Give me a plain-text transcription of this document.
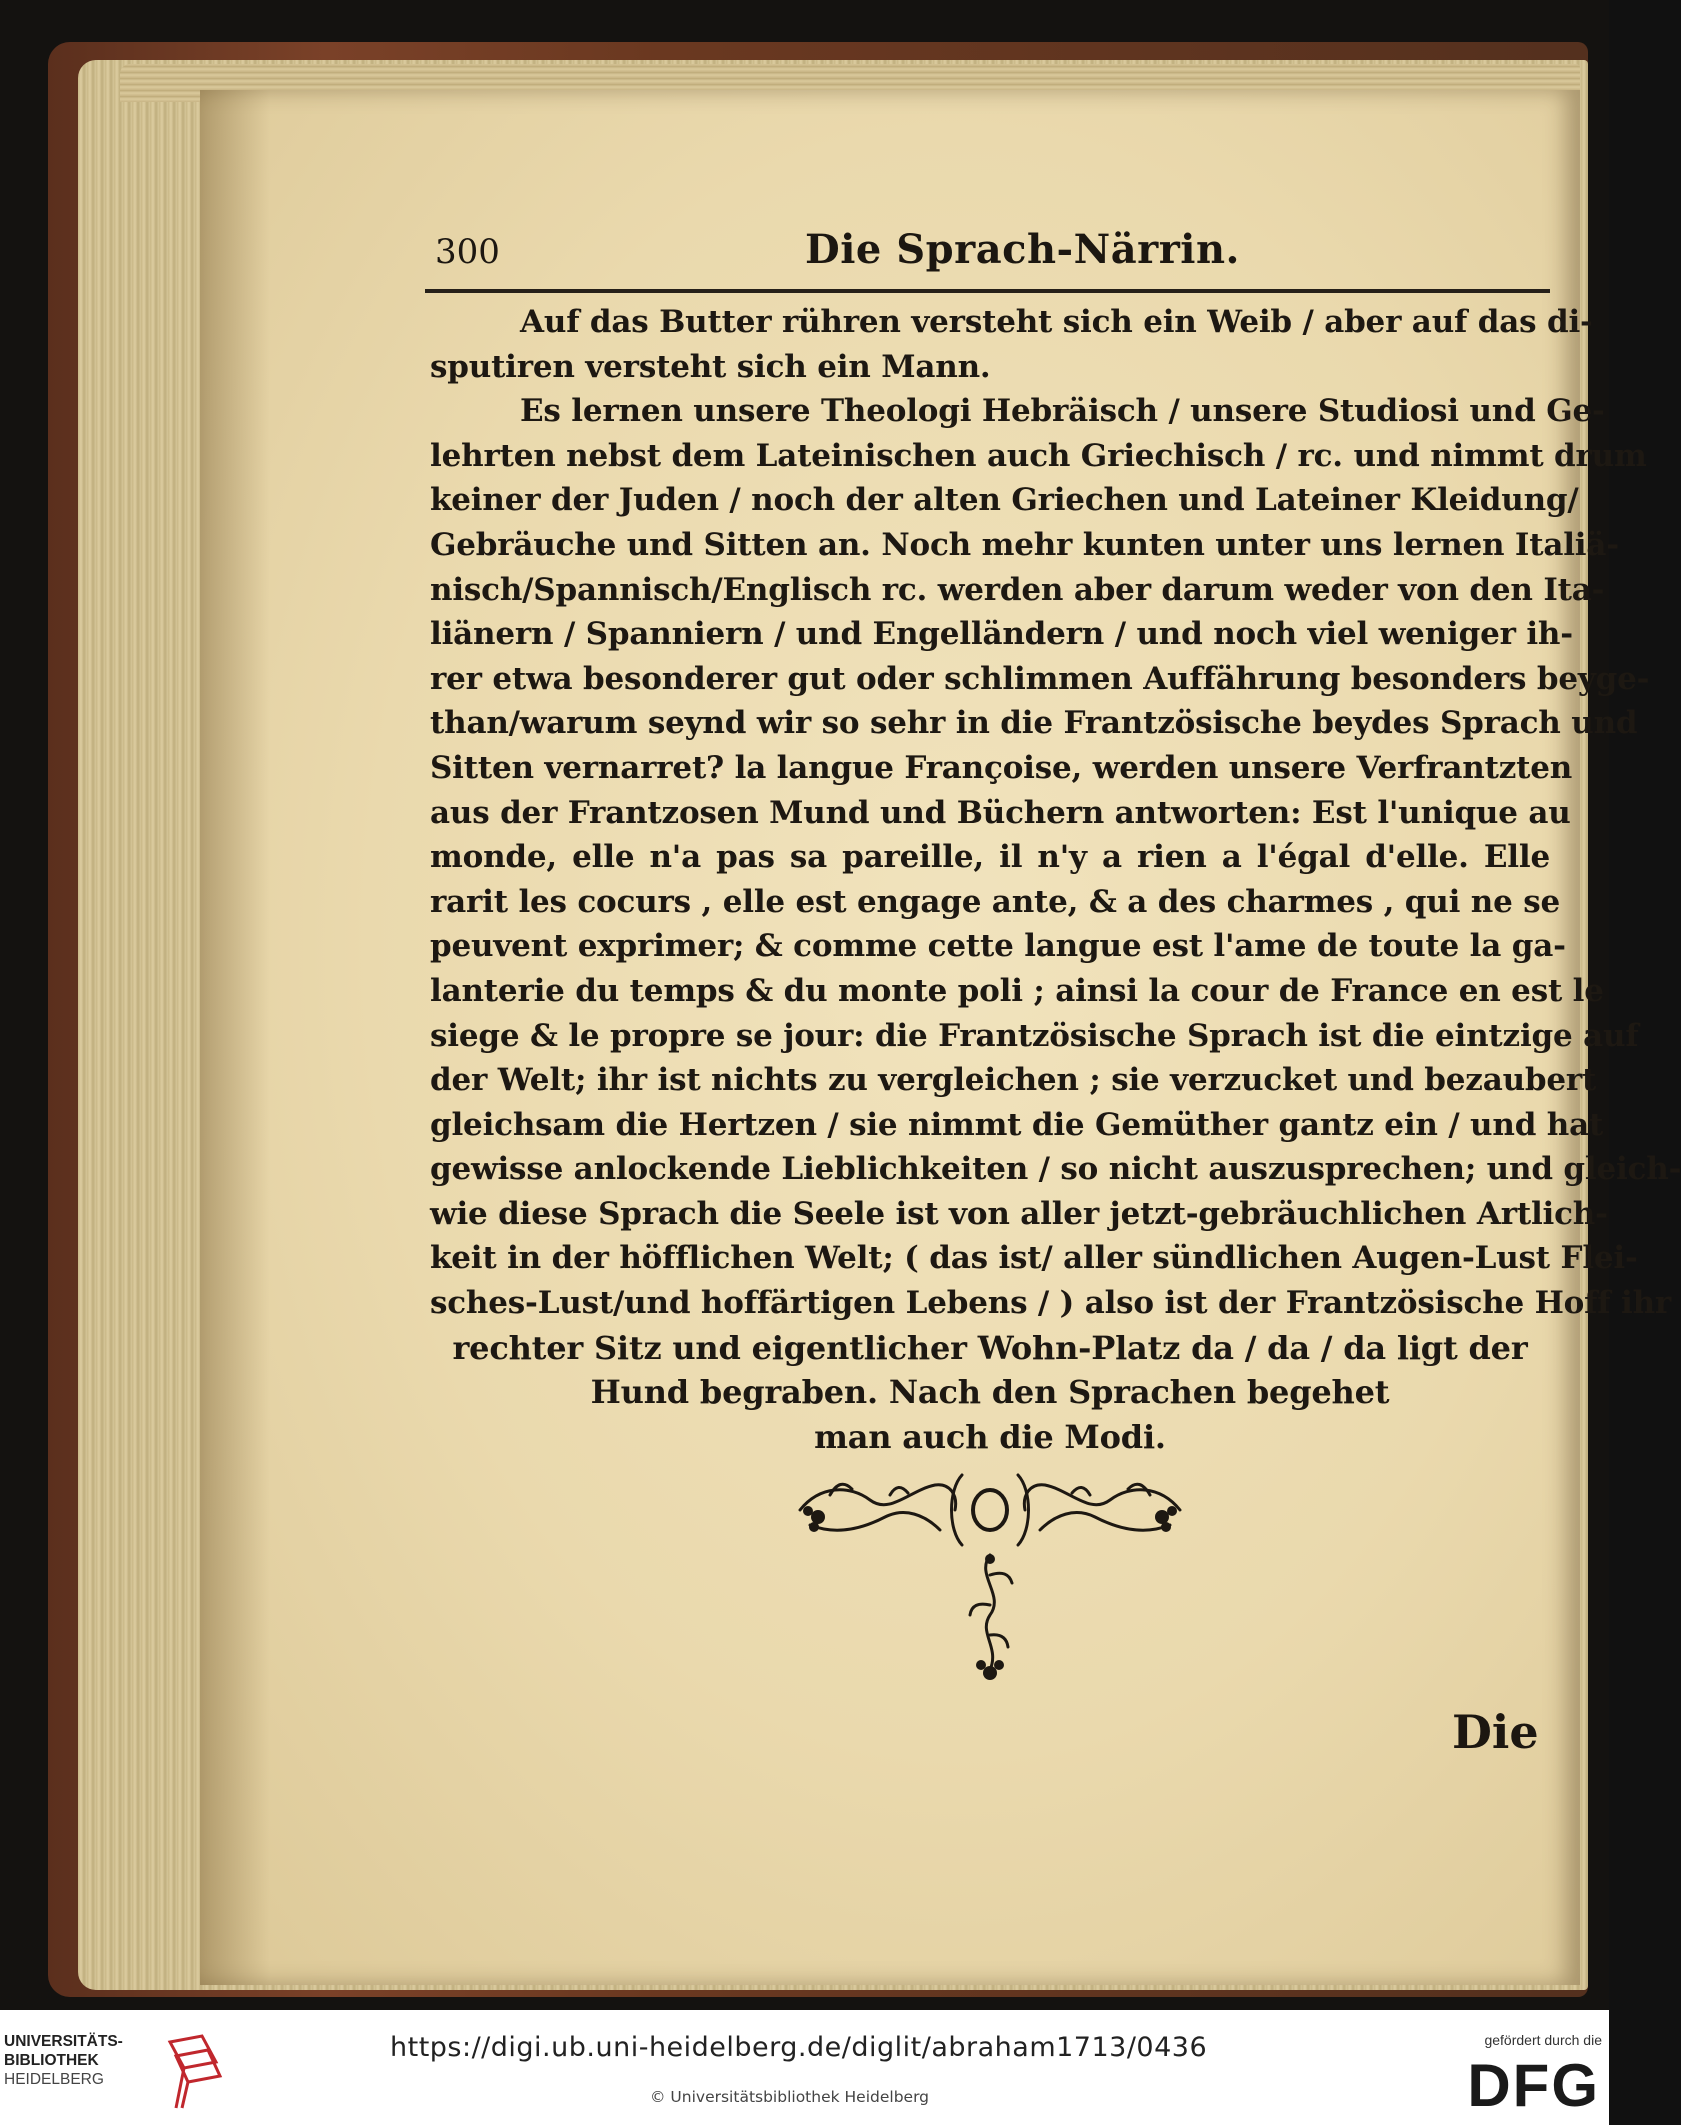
300	Die Sprach-Närrin.
Auf das Butter rühren versteht sich ein Weib / aber auf das di-
sputiren versteht sich ein Mann.
Es lernen unsere Theologi Hebräisch / unsere Studiosi und Ge-
lehrten nebst dem Lateinischen auch Griechisch / rc. und nimmt drum
keiner der Juden / noch der alten Griechen und Lateiner Kleidung/
Gebräuche und Sitten an. Noch mehr kunten unter uns lernen Italiä-
nisch/Spannisch/Englisch rc. werden aber darum weder von den Ita-
liänern / Spanniern / und Engelländern / und noch viel weniger ih-
rer etwa besonderer gut oder schlimmen Auffährung besonders beyge-
than/warum seynd wir so sehr in die Frantzösische beydes Sprach und
Sitten vernarret? la langue Françoise, werden unsere Verfrantzten
aus der Frantzosen Mund und Büchern antworten: Est l'unique au
monde, elle n'a pas sa pareille, il n'y a rien a l'égal d'elle. Elle
rarit les cocurs , elle est engage ante, & a des charmes , qui ne se
peuvent exprimer; & comme cette langue est l'ame de toute la ga-
lanterie du temps & du monte poli ; ainsi la cour de France en est le
siege & le propre se jour: die Frantzösische Sprach ist die eintzige auf
der Welt; ihr ist nichts zu vergleichen ; sie verzucket und bezaubert
gleichsam die Hertzen / sie nimmt die Gemüther gantz ein / und hat
gewisse anlockende Lieblichkeiten / so nicht auszusprechen; und gleich-
wie diese Sprach die Seele ist von aller jetzt-gebräuchlichen Artlich-
keit in der höfflichen Welt; ( das ist/ aller sündlichen Augen-Lust Flei-
sches-Lust/und hoffärtigen Lebens / ) also ist der Frantzösische Hoff ihr
rechter Sitz und eigentlicher Wohn-Platz da / da / da ligt der
Hund begraben. Nach den Sprachen begehet
man auch die Modi.
Die
UNIVERSITÄTS-
BIBLIOTHEK
HEIDELBERG
https://digi.ub.uni-heidelberg.de/diglit/abraham1713/0436
© Universitätsbibliothek Heidelberg
gefördert durch die
DFG
